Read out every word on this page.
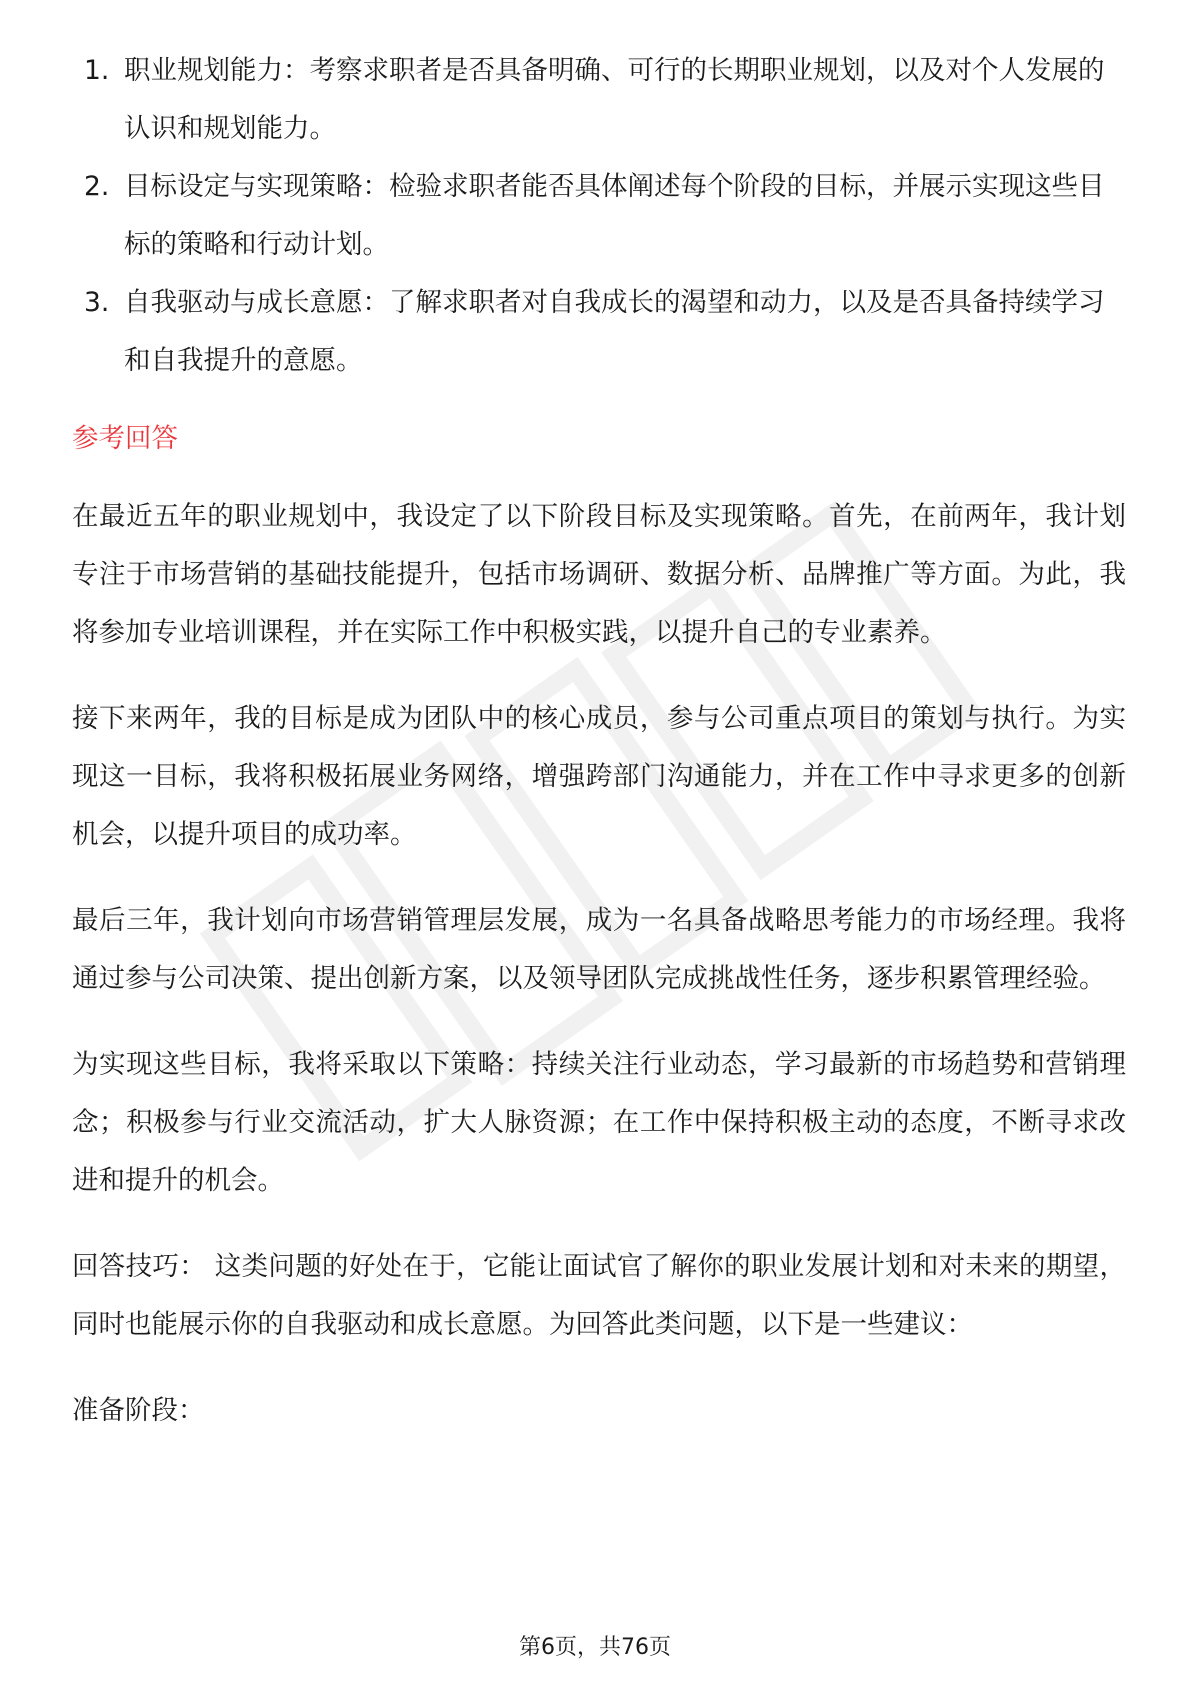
1. 职业规划能力：考察求职者是否具备明确、可行的长期职业规划，以及对个人发展的认识和规划能力。
2. 目标设定与实现策略：检验求职者能否具体阐述每个阶段的目标，并展示实现这些目标的策略和行动计划。
3. 自我驱动与成长意愿：了解求职者对自我成长的渴望和动力，以及是否具备持续学习和自我提升的意愿。
参考回答

在最近五年的职业规划中，我设定了以下阶段目标及实现策略。首先，在前两年，我计划专注于市场营销的基础技能提升，包括市场调研、数据分析、品牌推广等方面。为此，我将参加专业培训课程，并在实际工作中积极实践，以提升自己的专业素养。

接下来两年，我的目标是成为团队中的核心成员，参与公司重点项目的策划与执行。为实现这一目标，我将积极拓展业务网络，增强跨部门沟通能力，并在工作中寻求更多的创新机会，以提升项目的成功率。

最后三年，我计划向市场营销管理层发展，成为一名具备战略思考能力的市场经理。我将通过参与公司决策、提出创新方案，以及领导团队完成挑战性任务，逐步积累管理经验。

为实现这些目标，我将采取以下策略：持续关注行业动态，学习最新的市场趋势和营销理念；积极参与行业交流活动，扩大人脉资源；在工作中保持积极主动的态度，不断寻求改进和提升的机会。

回答技巧： 这类问题的好处在于，它能让面试官了解你的职业发展计划和对未来的期望，同时也能展示你的自我驱动和成长意愿。为回答此类问题，以下是一些建议：

准备阶段：

第6页，共76页
